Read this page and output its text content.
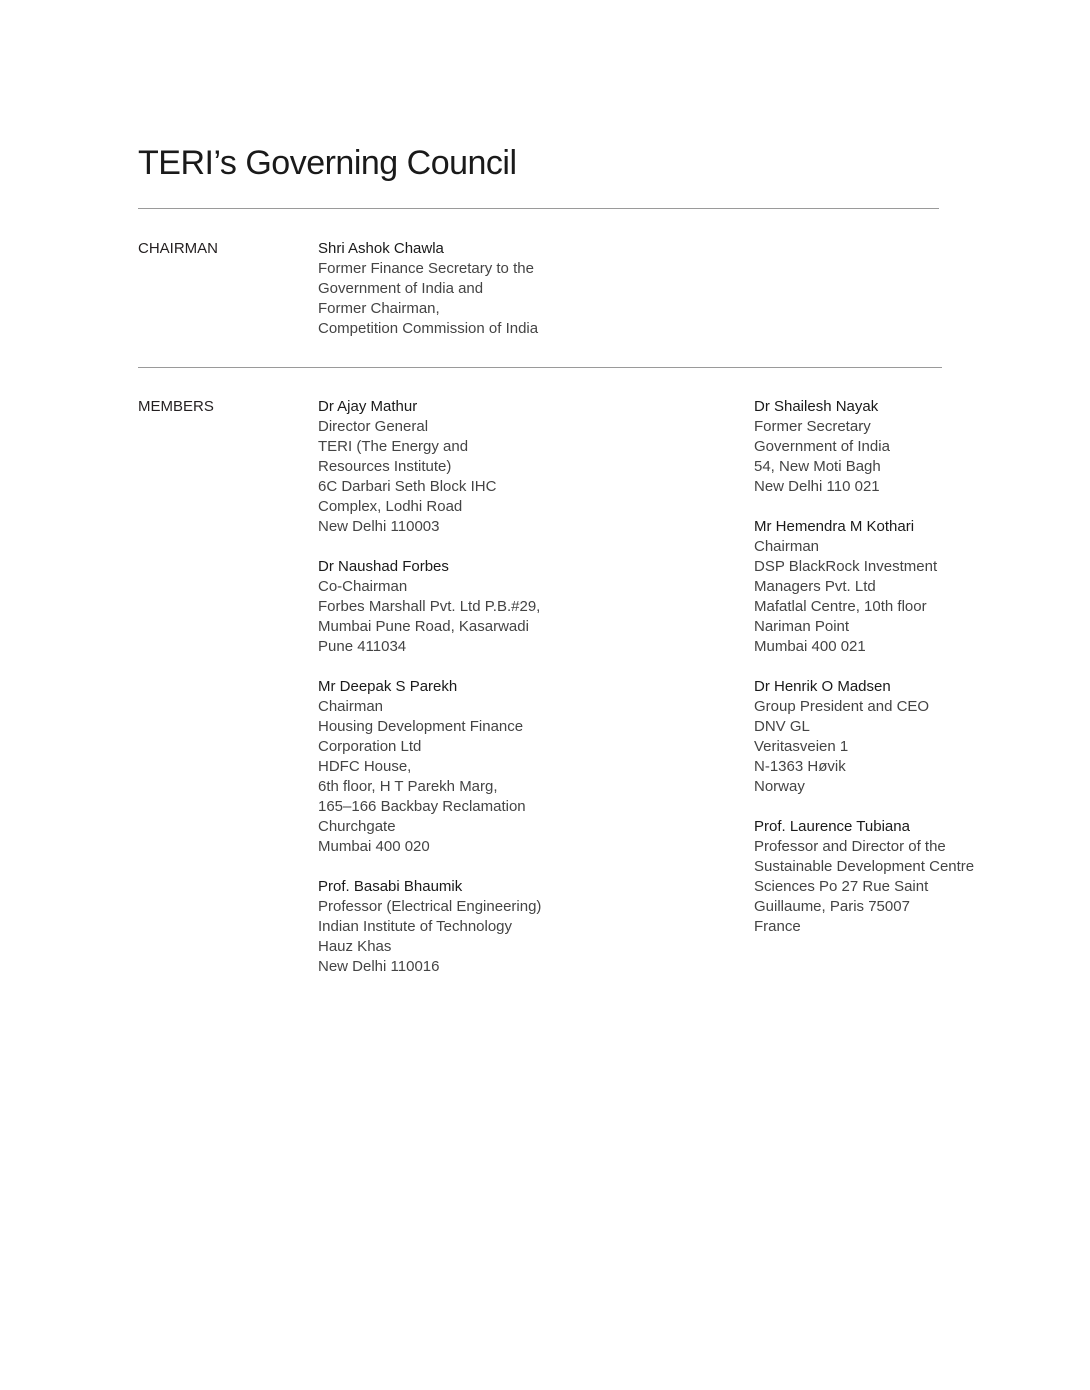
TERI’s Governing Council
CHAIRMAN	Shri Ashok Chawla
Former Finance Secretary to the
Government of India and
Former Chairman,
Competition Commission of India
MEMBERS	Dr Ajay Mathur
Director General
TERI (The Energy and
Resources Institute)
6C Darbari Seth Block IHC
Complex, Lodhi Road
New Delhi 110003
Dr Naushad Forbes
Co-Chairman
Forbes Marshall Pvt. Ltd P.B.#29,
Mumbai Pune Road, Kasarwadi
Pune 411034
Mr Deepak S Parekh
Chairman
Housing Development Finance
Corporation Ltd
HDFC House,
6th floor, H T Parekh Marg,
165–166 Backbay Reclamation
Churchgate
Mumbai 400 020
Prof. Basabi Bhaumik
Professor (Electrical Engineering)
Indian Institute of Technology
Hauz Khas
New Delhi 110016
Dr Shailesh Nayak
Former Secretary
Government of India
54, New Moti Bagh
New Delhi 110 021
Mr Hemendra M Kothari
Chairman
DSP BlackRock Investment
Managers Pvt. Ltd
Mafatlal Centre, 10th floor
Nariman Point
Mumbai 400 021
Dr Henrik O Madsen
Group President and CEO
DNV GL
Veritasveien 1
N-1363 Høvik
Norway
Prof. Laurence Tubiana
Professor and Director of the
Sustainable Development Centre
Sciences Po 27 Rue Saint
Guillaume, Paris 75007
France
